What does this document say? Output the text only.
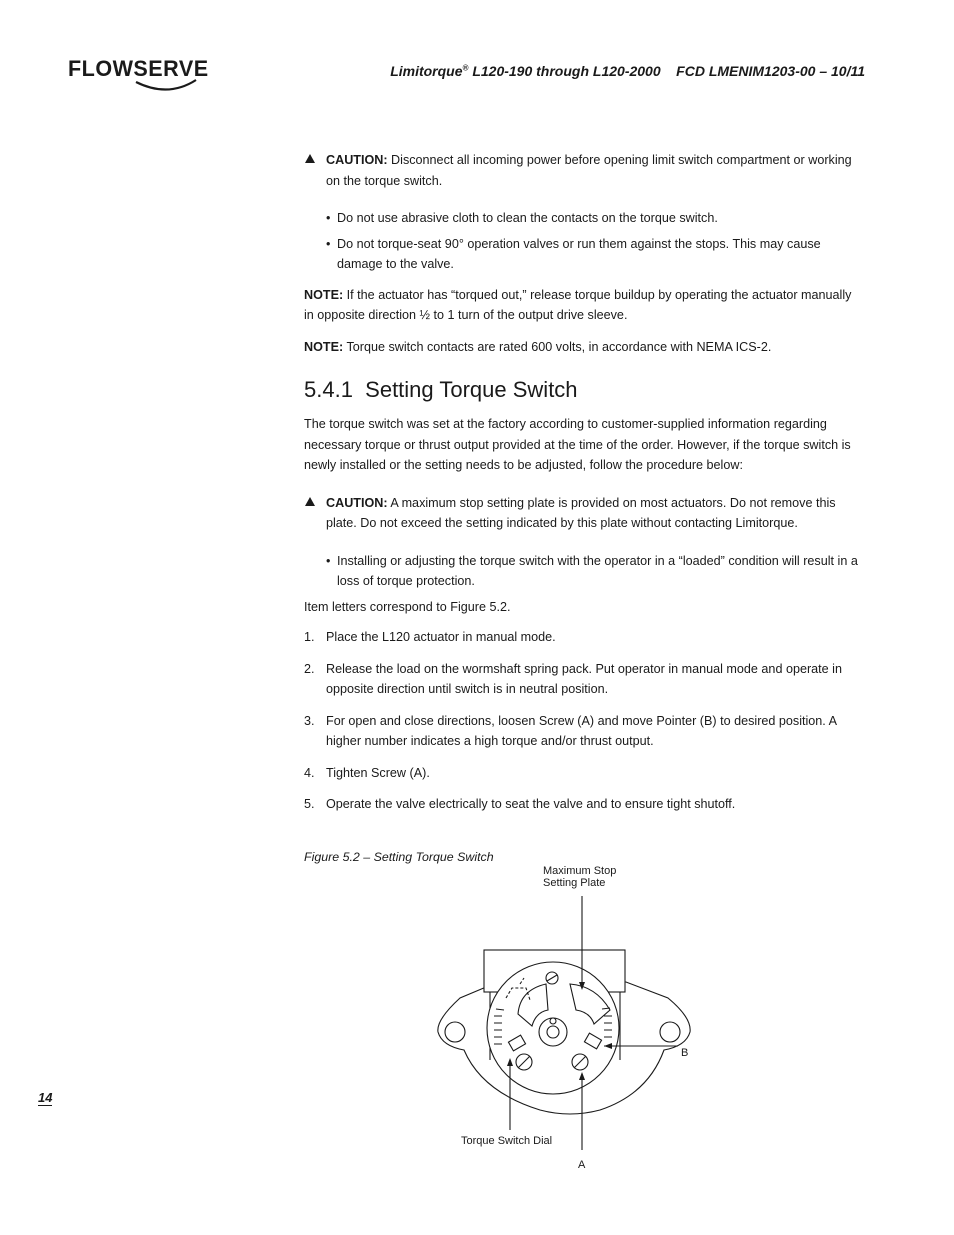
FLOWSERVE	Limitorque® L120-190 through L120-2000    FCD LMENIM1203-00 – 10/11

CAUTION: Disconnect all incoming power before opening limit switch compartment or working on the torque switch.

• Do not use abrasive cloth to clean the contacts on the torque switch.
• Do not torque-seat 90° operation valves or run them against the stops. This may cause damage to the valve.

NOTE: If the actuator has “torqued out,” release torque buildup by operating the actuator manually in opposite direction ½ to 1 turn of the output drive sleeve.

NOTE: Torque switch contacts are rated 600 volts, in accordance with NEMA ICS-2.

5.4.1  Setting Torque Switch

The torque switch was set at the factory according to customer-supplied information regarding necessary torque or thrust output provided at the time of the order. However, if the torque switch is newly installed or the setting needs to be adjusted, follow the procedure below:

CAUTION: A maximum stop setting plate is provided on most actuators. Do not remove this plate. Do not exceed the setting indicated by this plate without contacting Limitorque.

• Installing or adjusting the torque switch with the operator in a “loaded” condition will result in a loss of torque protection.

Item letters correspond to Figure 5.2.

1. Place the L120 actuator in manual mode.

2. Release the load on the wormshaft spring pack. Put operator in manual mode and operate in opposite direction until switch is in neutral position.

3. For open and close directions, loosen Screw (A) and move Pointer (B) to desired position. A higher number indicates a high torque and/or thrust output.

4. Tighten Screw (A).

5. Operate the valve electrically to seat the valve and to ensure tight shutoff.

Figure 5.2 – Setting Torque Switch
Maximum Stop
Setting Plate
B
Torque Switch Dial
A
14
